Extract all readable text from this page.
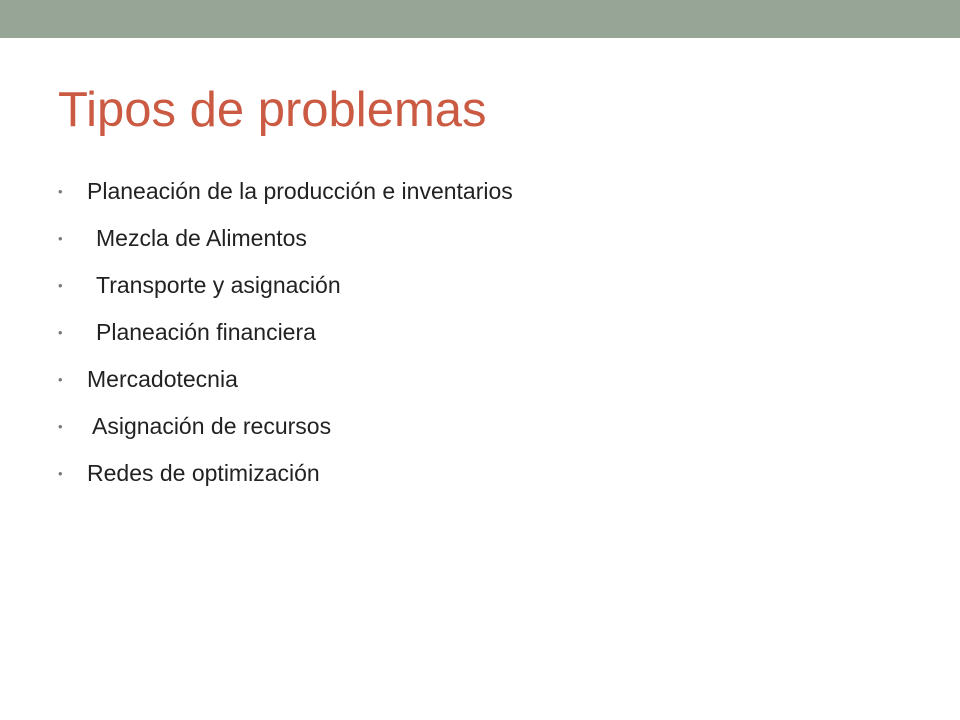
Tipos de problemas

•

Planeación de la producción e inventarios

•

Mezcla de Alimentos

•

Transporte y asignación

•

Planeación financiera

•

Mercadotecnia

•

Asignación de recursos

•

Redes de optimización
